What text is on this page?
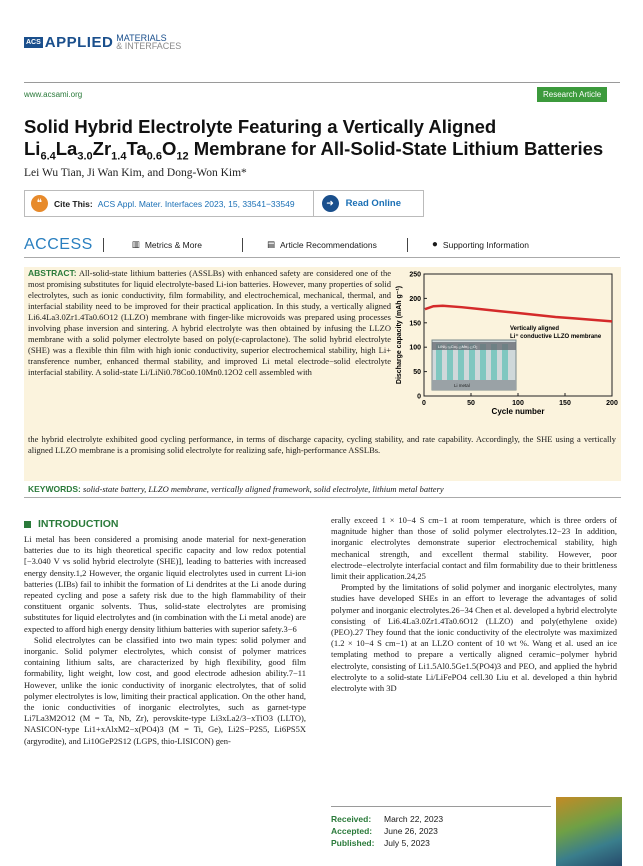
ACS APPLIED MATERIALS
& INTERFACES
www.acsami.org	Research Article
Solid Hybrid Electrolyte Featuring a Vertically Aligned
$Li_{6.4}La_{3.0}Zr_{1.4}Ta_{0.6}O_{12}$ Membrane for All-Solid-State Lithium Batteries
Lei Wu Tian, Ji Wan Kim, and Dong-Won Kim*
❝	Cite This: ACS Appl. Mater. Interfaces 2023, 15, 33541−33549	➜	Read Online
ACCESS	▥ Metrics & More	▤ Article Recommendations	● Supporting Information
ABSTRACT: All-solid-state lithium batteries (ASSLBs) with enhanced safety are considered one of the most promising substitutes for liquid electrolyte-based Li-ion batteries. However, many properties of solid electrolytes, such as ionic conductivity, film formability, and electrochemical, mechanical, thermal, and interfacial stability need to be improved for their practical application. In this study, a vertically aligned Li6.4La3.0Zr1.4Ta0.6O12 (LLZO) membrane with finger-like microvoids was prepared using processes involving phase inversion and sintering. A hybrid electrolyte was then obtained by infusing the LLZO membrane with a solid polymer electrolyte based on poly(ε-caprolactone). The solid hybrid electrolyte (SHE) was a flexible thin film with high ionic conductivity, superior electrochemical stability, high Li+ transference number, enhanced thermal stability, and improved Li metal electrode−solid electrolyte interfacial stability. A solid-state Li/LiNi0.78Co0.10Mn0.12O2 cell assembled with
the hybrid electrolyte exhibited good cycling performance, in terms of discharge capacity, cycling stability, and rate capability. Accordingly, the SHE using a vertically aligned LLZO membrane is a promising solid electrolyte for realizing safe, high-performance ASSLBs.
0	50	100	150	200
0
50
100
150
200
250
Cycle number
Discharge capacity (mAh g⁻¹)	LiNi₀.₇₈Co₀.₁₀Mn₀.₁₂O₂
Li metal
Vertically aligned
Li⁺ conductive LLZO membrane
KEYWORDS: solid-state battery, LLZO membrane, vertically aligned framework, solid electrolyte, lithium metal battery
INTRODUCTION

Li metal has been considered a promising anode material for next-generation batteries due to its high theoretical specific capacity and low redox potential [−3.040 V vs solid hybrid electrolyte (SHE)], leading to batteries with increased energy density.1,2 However, the organic liquid electrolytes used in current Li-ion batteries (LIBs) fail to inhibit the formation of Li dendrites at the Li anode during repeated cycling and pose a safety risk due to the high flammability of their constituent organic solvents. Thus, solid-state electrolytes are promising substitutes for liquid electrolytes and (in combination with the Li metal anode) are expected to afford high energy density lithium batteries with superior safety.3−6

Solid electrolytes can be classified into two main types: solid polymer and inorganic. Solid polymer electrolytes, which consist of polymer matrices containing lithium salts, are characterized by high flexibility, good film formability, light weight, low cost, and good electrode adhesion ability.7−11 However, unlike the ionic conductivity of inorganic electrolytes, that of solid polymer electrolytes is low, limiting their practical application. On the other hand, the ionic conductivities of inorganic electrolytes, such as garnet-type Li7La3M2O12 (M = Ta, Nb, Zr), perovskite-type Li3xLa2/3−xTiO3 (LLTO), NASICON-type Li1+xAlxM2−x(PO4)3 (M = Ti, Ge), Li2S−P2S5, Li6PS5X (argyrodite), and Li10GeP2S12 (LGPS, thio-LISICON) gen-

erally exceed 1 × 10−4 S cm−1 at room temperature, which is three orders of magnitude higher than those of solid polymer electrolytes.12−23 In addition, inorganic electrolytes demonstrate superior electrochemical stability, high mechanical strength, and excellent thermal stability. However, poor electrode−electrolyte interfacial contact and film formability due to their brittleness limit their application.24,25

Prompted by the limitations of solid polymer and inorganic electrolytes, many studies have developed SHEs in an effort to leverage the advantages of solid polymer and inorganic electrolytes.26−34 Chen et al. developed a hybrid electrolyte consisting of Li6.4La3.0Zr1.4Ta0.6O12 (LLZO) and poly(ethylene oxide) (PEO).27 They found that the ionic conductivity of the electrolyte was maximized (1.2 × 10−4 S cm−1) at an LLZO content of 10 wt %. Wang et al. used an ice templating method to prepare a vertically aligned ceramic−polymer hybrid electrolyte, consisting of Li1.5Al0.5Ge1.5(PO4)3 and PEO, and applied the hybrid electrolyte to a solid-state Li/LiFePO4 cell.30 Liu et al. developed a thin hybrid electrolyte with 3D

Received: March 22, 2023
Accepted: June 26, 2023
Published: July 5, 2023
